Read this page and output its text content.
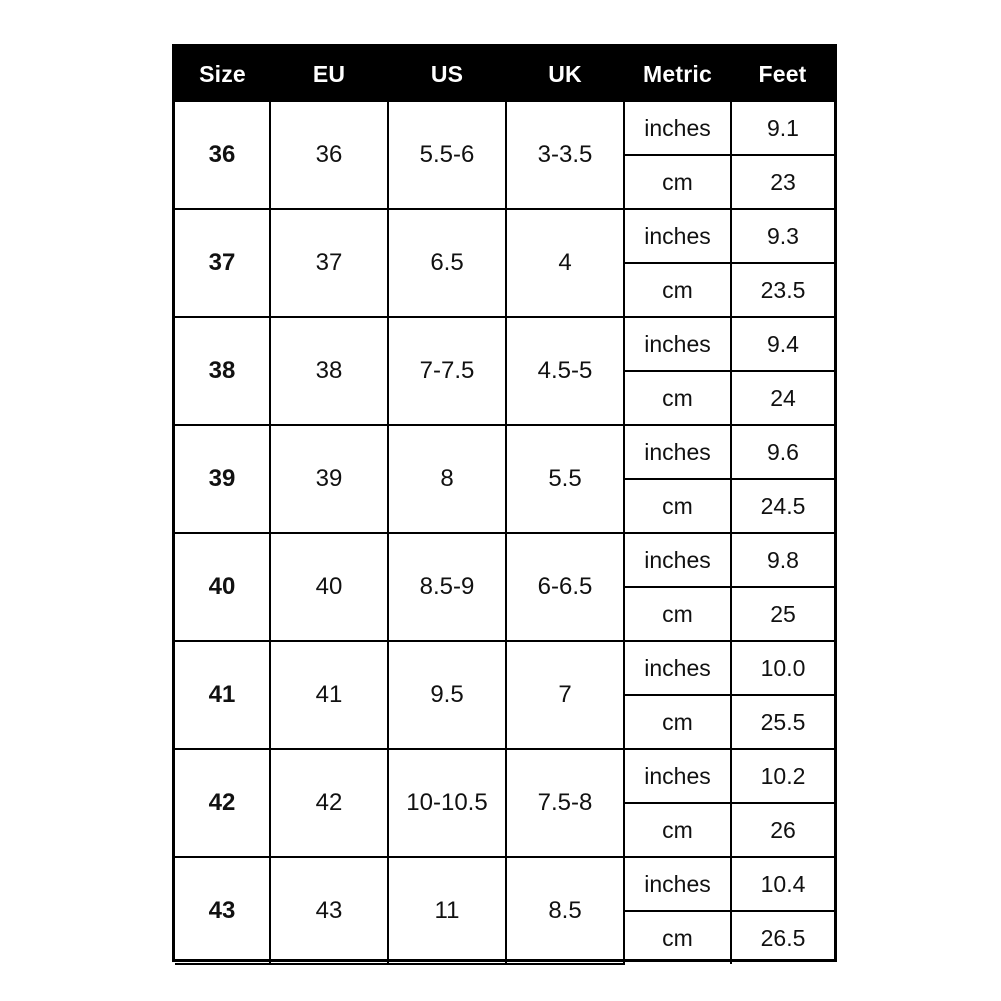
Size	EU	US	UK	Metric	Feet
36	36	5.5-6	3-3.5	inches	9.1
				cm	23
37	37	6.5	4	inches	9.3
				cm	23.5
38	38	7-7.5	4.5-5	inches	9.4
				cm	24
39	39	8	5.5	inches	9.6
				cm	24.5
40	40	8.5-9	6-6.5	inches	9.8
				cm	25
41	41	9.5	7	inches	10.0
				cm	25.5
42	42	10-10.5	7.5-8	inches	10.2
				cm	26
43	43	11	8.5	inches	10.4
				cm	26.5
